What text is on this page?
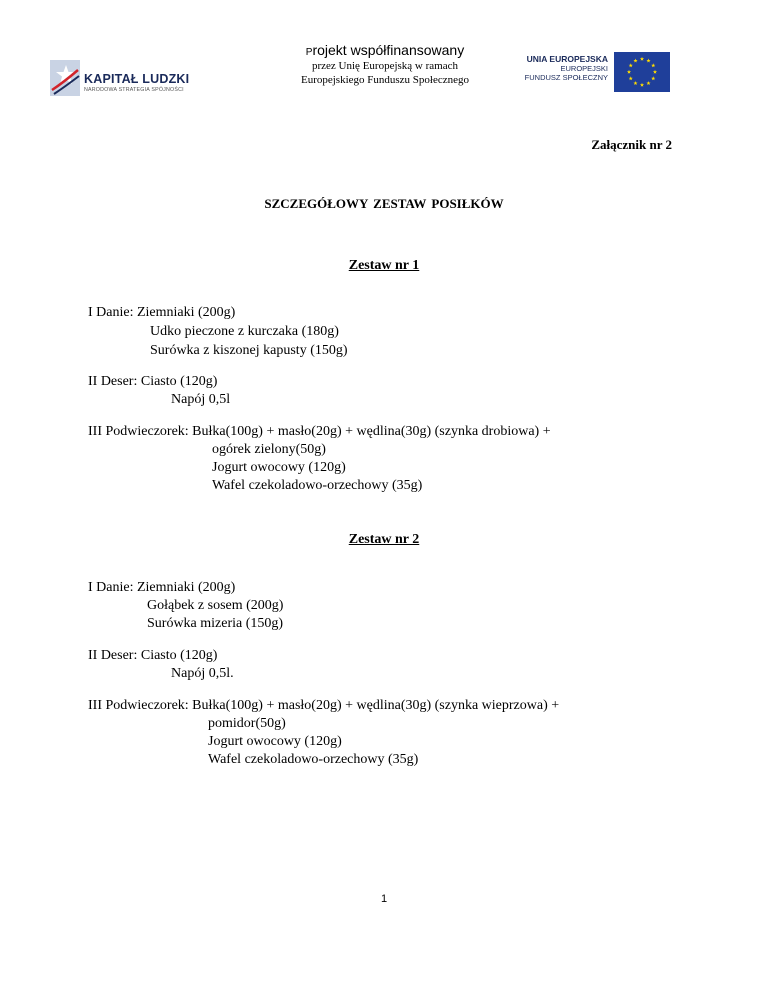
KAPITAŁ LUDZKI
NARODOWA STRATEGIA SPÓJNOŚCI
Projekt współfinansowany
przez Unię Europejską w ramach
Europejskiego Funduszu Społecznego
UNIA EUROPEJSKA
EUROPEJSKI
FUNDUSZ SPOŁECZNY
Załącznik nr 2
SZCZEGÓŁOWY ZESTAW POSIŁKÓW
Zestaw nr 1
I Danie: Ziemniaki (200g)
Udko pieczone z kurczaka (180g)
Surówka z kiszonej kapusty (150g)
II Deser: Ciasto (120g)
Napój 0,5l
III Podwieczorek: Bułka(100g) + masło(20g) + wędlina(30g) (szynka drobiowa) +
ogórek zielony(50g)
Jogurt owocowy (120g)
Wafel czekoladowo-orzechowy (35g)
Zestaw nr 2
I Danie: Ziemniaki (200g)
Gołąbek z sosem (200g)
Surówka mizeria (150g)
II Deser: Ciasto (120g)
Napój 0,5l.
III Podwieczorek: Bułka(100g) + masło(20g) + wędlina(30g) (szynka wieprzowa) +
pomidor(50g)
Jogurt owocowy (120g)
Wafel czekoladowo-orzechowy (35g)
1
